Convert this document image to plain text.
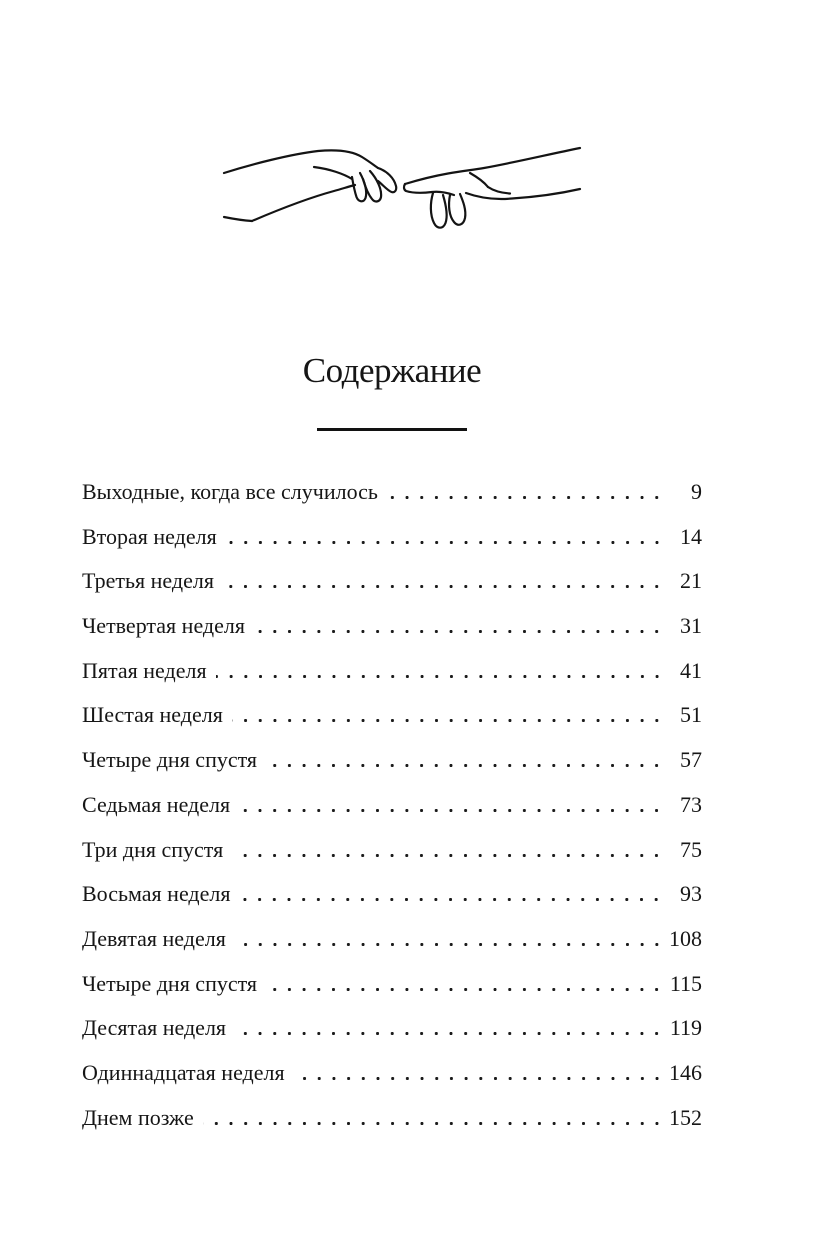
Содержание
Выходные, когда все случилось	9
Вторая неделя	14
Третья неделя	21
Четвертая неделя	31
Пятая неделя	41
Шестая неделя	51
Четыре дня спустя	57
Седьмая неделя	73
Три дня спустя	75
Восьмая неделя	93
Девятая неделя	108
Четыре дня спустя	115
Десятая неделя	119
Одиннадцатая неделя	146
Днем позже	152
